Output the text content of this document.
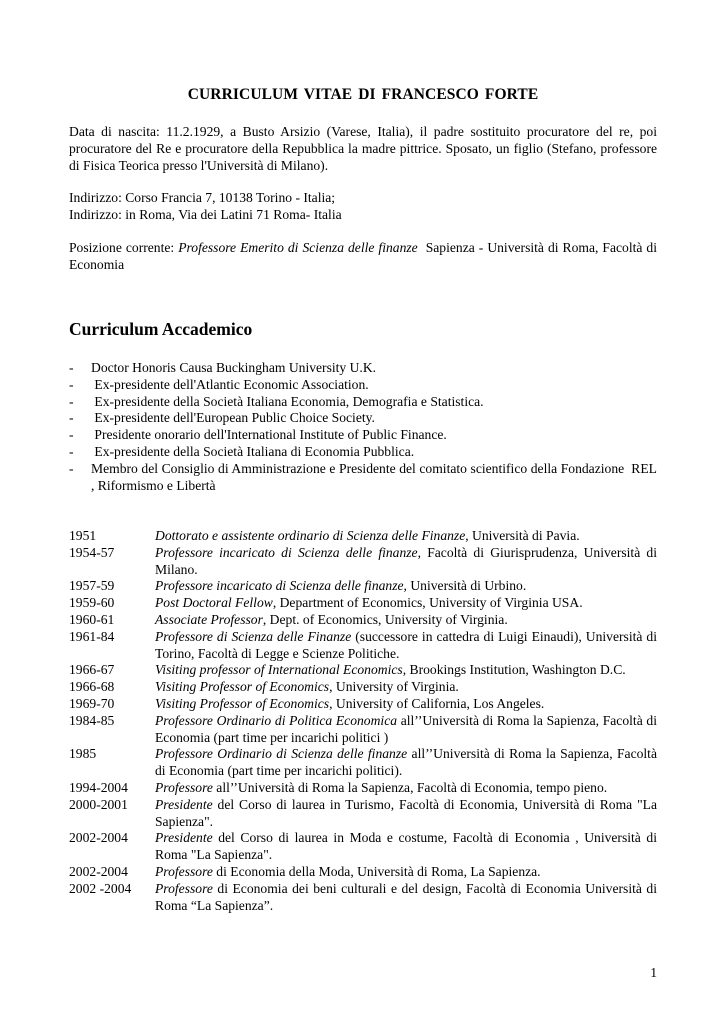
CURRICULUM VITAE DI FRANCESCO FORTE
Data di nascita: 11.2.1929, a Busto Arsizio (Varese, Italia), il padre sostituito procuratore del re, poi procuratore del Re e procuratore della Repubblica la madre pittrice. Sposato, un figlio (Stefano, professore di Fisica Teorica presso l'Università di Milano).
Indirizzo: Corso Francia 7, 10138 Torino - Italia;
Indirizzo: in Roma, Via dei Latini 71 Roma- Italia
Posizione corrente: Professore Emerito di Scienza delle finanze  Sapienza - Università di Roma, Facoltà di Economia
Curriculum Accademico
- Doctor Honoris Causa Buckingham University U.K.
- Ex-presidente dell'Atlantic Economic Association.
- Ex-presidente della Società Italiana Economia, Demografia e Statistica.
- Ex-presidente dell'European Public Choice Society.
- Presidente onorario dell'International Institute of Public Finance.
- Ex-presidente della Società Italiana di Economia Pubblica.
- Membro del Consiglio di Amministrazione e Presidente del comitato scientifico della Fondazione  REL , Riformismo e Libertà
1951	Dottorato e assistente ordinario di Scienza delle Finanze, Università di Pavia.
1954-57	Professore incaricato di Scienza delle finanze, Facoltà di Giurisprudenza, Università di Milano.
1957-59	Professore incaricato di Scienza delle finanze, Università di Urbino.
1959-60	Post Doctoral Fellow, Department of Economics, University of Virginia USA.
1960-61	Associate Professor, Dept. of Economics, University of Virginia.
1961-84	Professore di Scienza delle Finanze (successore in cattedra di Luigi Einaudi), Università di Torino, Facoltà di Legge e Scienze Politiche.
1966-67	Visiting professor of International Economics, Brookings Institution, Washington D.C.
1966-68	Visiting Professor of Economics, University of Virginia.
1969-70	Visiting Professor of Economics, University of California, Los Angeles.
1984-85	Professore Ordinario di Politica Economica all’’Università di Roma la Sapienza, Facoltà di Economia (part time per incarichi politici )
1985	Professore Ordinario di Scienza delle finanze all’’Università di Roma la Sapienza, Facoltà di Economia (part time per incarichi politici).
1994-2004	Professore all’’Università di Roma la Sapienza, Facoltà di Economia, tempo pieno.
2000-2001	Presidente del Corso di laurea in Turismo, Facoltà di Economia, Università di Roma "La Sapienza".
2002-2004	Presidente del Corso di laurea in Moda e costume, Facoltà di Economia , Università di Roma "La Sapienza".
2002-2004	Professore di Economia della Moda, Università di Roma, La Sapienza.
2002 -2004	Professore di Economia dei beni culturali e del design, Facoltà di Economia Università di Roma “La Sapienza”.
1
